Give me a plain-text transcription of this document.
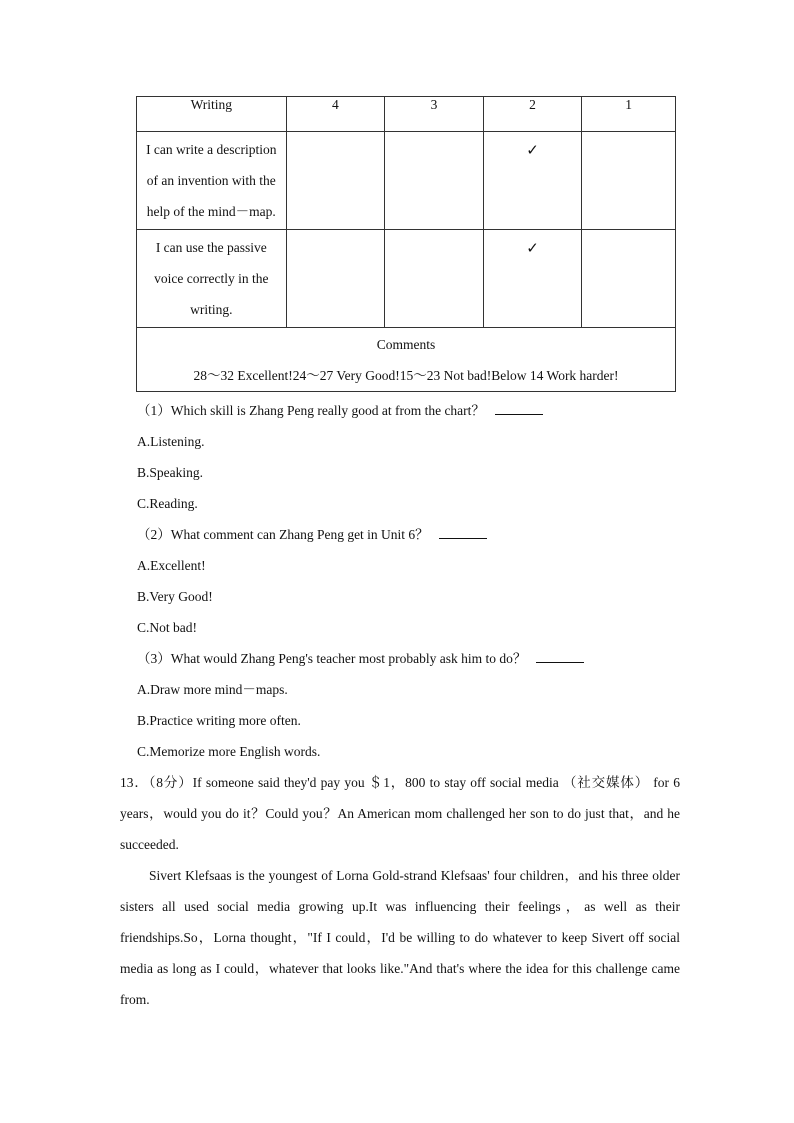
Writing	4	3	2	1

I can write a description
of an invention with the
help of the mind－map.			✓	

I can use the passive
voice correctly in the
writing.			✓	

Comments
28～32 Excellent!24～27 Very Good!15～23 Not bad!Below 14 Work harder!				
（1）Which skill is Zhang Peng really good at from the chart？
A.Listening.
B.Speaking.
C.Reading.
（2）What comment can Zhang Peng get in Unit 6？
A.Excellent!
B.Very Good!
C.Not bad!
（3）What would Zhang Peng's teacher most probably ask him to do？
A.Draw more mind－maps.
B.Practice writing more often.
C.Memorize more English words.
13．（8分）If someone said they'd pay you ＄1，800 to stay off social media （社交媒体） for 6 years，would you do it？Could you？An American mom challenged her son to do just that，and he succeeded.
Sivert Klefsaas is the youngest of Lorna Gold-strand Klefsaas' four children，and his three older sisters all used social media growing up.It was influencing their feelings，as well as their friendships.So，Lorna thought，"If I could，I'd be willing to do whatever to keep Sivert off social media as long as I could，whatever that looks like."And that's where the idea for this challenge came from.
